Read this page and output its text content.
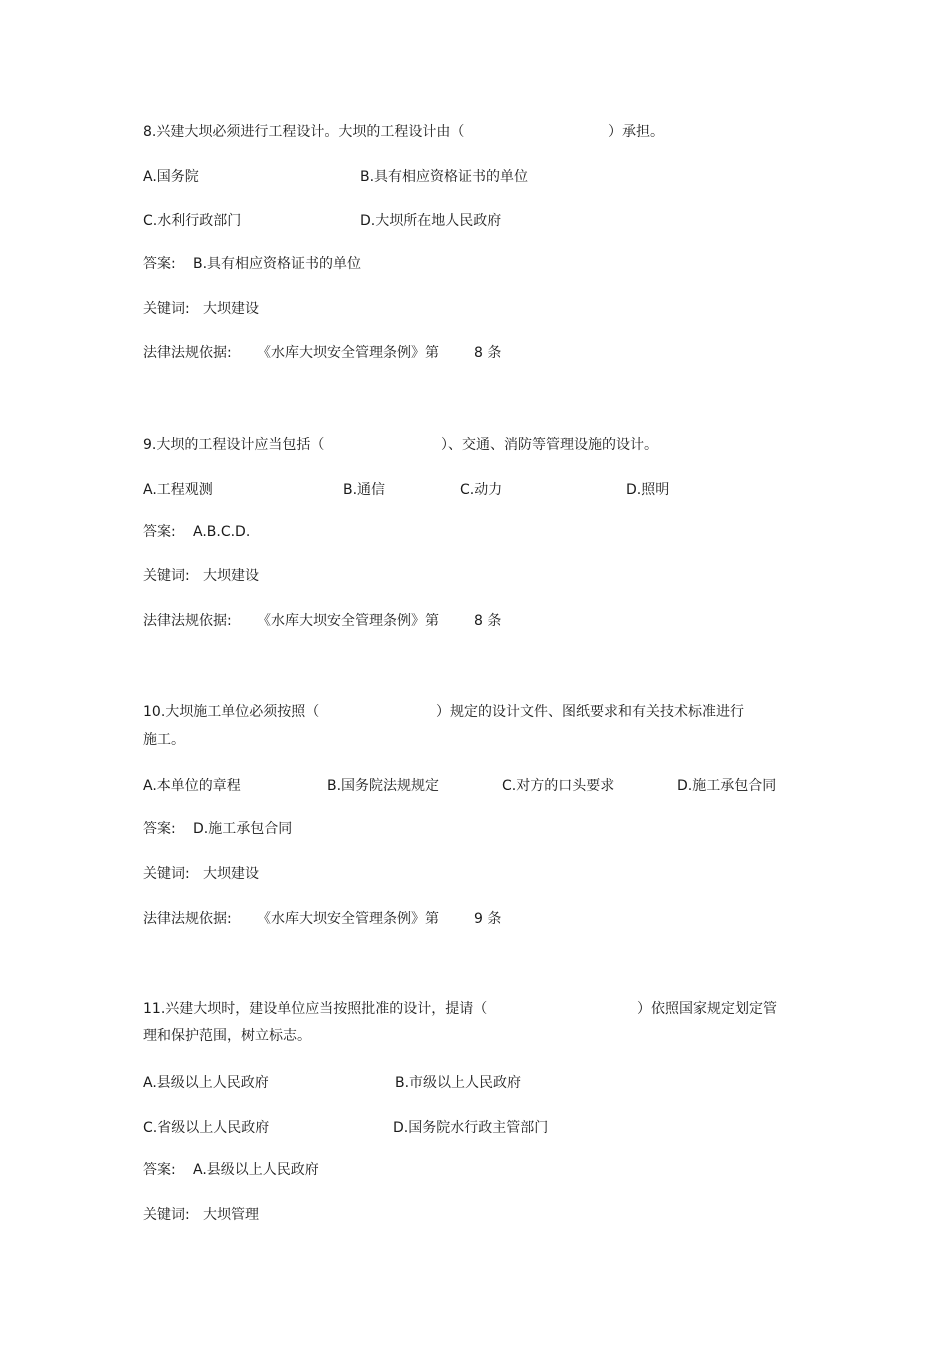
8.兴建大坝必须进行工程设计。大坝的工程设计由（	）承担。
A.国务院	B.具有相应资格证书的单位
C.水利行政部门	D.大坝所在地人民政府
答案: B.具有相应资格证书的单位
关键词: 大坝建设
法律法规依据: 《水库大坝安全管理条例》第	8 条
9.大坝的工程设计应当包括（	）、交通、消防等管理设施的设计。
A.工程观测	B.通信	C.动力	D.照明
答案: A.B.C.D.
关键词: 大坝建设
法律法规依据: 《水库大坝安全管理条例》第	8 条
10.大坝施工单位必须按照（	）规定的设计文件、图纸要求和有关技术标准进行
施工。
A.本单位的章程	B.国务院法规规定	C.对方的口头要求	D.施工承包合同
答案: D.施工承包合同
关键词: 大坝建设
法律法规依据: 《水库大坝安全管理条例》第	9 条
11.兴建大坝时，建设单位应当按照批准的设计，提请（	）依照国家规定划定管
理和保护范围，树立标志。
A.县级以上人民政府	B.市级以上人民政府
C.省级以上人民政府	D.国务院水行政主管部门
答案: A.县级以上人民政府
关键词: 大坝管理
